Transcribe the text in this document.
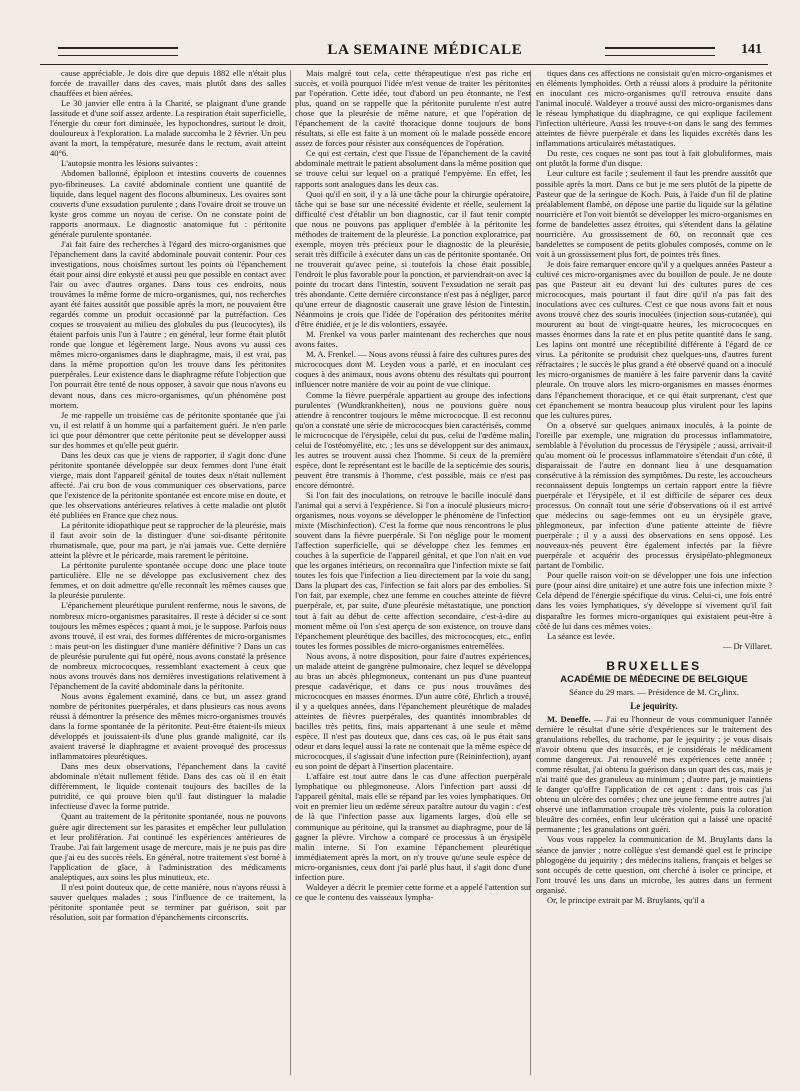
LA SEMAINE MÉDICALE	141

cause appréciable. Je dois dire que depuis 1882 elle n'était plus forcée de travailler dans des caves, mais plutôt dans des salles chauffées et bien aérées.

Le 30 janvier elle entra à la Charité, se plaignant d'une grande lassitude et d'une soif assez ardente. La respiration était superficielle, l'énergie du cœur fort diminuée, les hypochondres, surtout le droit, douloureux à l'exploration. La malade succomba le 2 février. Un peu avant la mort, la température, mesurée dans le rectum, avait atteint 40°6.

L'autopsie montra les lésions suivantes :

Abdomen ballonné, épiploon et intestins couverts de couennes pyo-fibrineuses. La cavité abdominale contient une quantité de liquide, dans lequel nagent des flocons albumineux. Les ovaires sont couverts d'une exsudation purulente ; dans l'ovaire droit se trouve un kyste gros comme un noyau de cerise. On ne constate point de rapports anormaux. Le diagnostic anatomique fut : péritonite générale purulente spontanée.

J'ai fait faire des recherches à l'égard des micro-organismes que l'épanchement dans la cavité abdominale pouvait contenir. Pour ces investigations, nous choisîmes surtout les points où l'épanchement était pour ainsi dire enkysté et aussi peu que possible en contact avec l'air ou avec d'autres organes. Dans tous ces endroits, nous trouvâmes la même forme de micro-organismes, qui, nos recherches ayant été faites aussitôt que possible après la mort, ne pouvaient être regardés comme un produit occasionné par la putréfaction. Ces coques se trouvaient au milieu des globules du pus (leucocytes), ils étaient parfois unis l'un à l'autre ; en général, leur forme était plutôt ronde que longue et légèrement large. Nous avons vu aussi ces mêmes micro-organismes dans le diaphragme, mais, il est vrai, pas dans la même proportion qu'on les trouve dans les péritonites puerpérales. Leur existence dans le diaphragme réfute l'objection que l'on pourrait être tenté de nous opposer, à savoir que nous n'avons eu devant nous, dans ces micro-organismes, qu'un phénomène post mortem.

Je me rappelle un troisième cas de péritonite spontanée que j'ai vu, il est relatif à un homme qui a parfaitement guéri. Je n'en parle ici que pour démontrer que cette péritonite peut se développer aussi sur des hommes et qu'elle peut guérir.

Dans les deux cas que je viens de rapporter, il s'agit donc d'une péritonite spontanée développée sur deux femmes dont l'une était vierge, mais dont l'appareil génital de toutes deux n'était nullement affecté. J'ai cru bon de vous communiquer ces observations, parce que l'existence de la péritonite spontanée est encore mise en doute, et que les observations antérieures relatives à cette maladie ont plutôt été publiées en France que chez nous.

La péritonite idiopathique peut se rapprocher de la pleurésie, mais il faut avoir soin de la distinguer d'une soi-disante péritonite rhumatismale, que, pour ma part, je n'ai jamais vue. Cette dernière atteint la plèvre et le péricarde, mais rarement le péritoine.

La péritonite purulente spontanée occupe donc une place toute particulière. Elle ne se développe pas exclusivement chez des femmes, et on doit admettre qu'elle reconnaît les mêmes causes que la pleurésie purulente.

L'épanchement pleurétique purulent renferme, nous le savons, de nombreux micro-organismes parasitaires. Il reste à décider si ce sont toujours les mêmes espèces ; quant à moi, je le suppose. Parfois nous avons trouvé, il est vrai, des formes différentes de micro-organismes : mais peut-on les distinguer d'une manière définitive ? Dans un cas de pleurésie purulente qui fut opéré, nous avons constaté la présence de nombreux micrococques, ressemblant exactement à ceux que nous avons trouvés dans nos dernières investigations relativement à l'épanchement de la cavité abdominale dans la péritonite.

Nous avons également examiné, dans ce but, un assez grand nombre de péritonites puerpérales, et dans plusieurs cas nous avons réussi à démontrer la présence des mêmes micro-organismes trouvés dans la forme spontanée de la péritonite. Peut-être étaient-ils mieux développés et jouissaient-ils d'une plus grande malignité, car ils avaient traversé le diaphragme et avaient provoqué des processus inflammatoires pleurétiques.

Dans mes deux observations, l'épanchement dans la cavité abdominale n'était nullement fétide. Dans des cas où il en était différemment, le liquide contenait toujours des bacilles de la putridité, ce qui prouve bien qu'il faut distinguer la maladie infectieuse d'avec la forme putride.

Quant au traitement de la péritonite spontanée, nous ne pouvons guère agir directement sur les parasites et empêcher leur pullulation et leur prolifération. J'ai continué les expériences antérieures de Traube. J'ai fait largement usage de mercure, mais je ne puis pas dire que j'ai eu des succès réels. En général, notre traitement s'est borné à l'application de glace, à l'administration des médicaments analeptiques, aux soins les plus minutieux, etc.

Il n'est point douteux que, de cette manière, nous n'ayons réussi à sauver quelques malades ; sous l'influence de ce traitement, la péritonite spontanée peut se terminer par guérison, soit par résolution, soit par formation d'épanchements circonscrits.

Mais malgré tout cela, cette thérapeutique n'est pas riche en succès, et voilà pourquoi l'idée m'est venue de traiter les péritonites par l'opération. Cette idée, tout d'abord un peu étonnante, ne l'est plus, quand on se rappelle que la péritonite purulente n'est autre chose que la pleurésie de même nature, et que l'opération de l'épanchement de la cavité thoracique donne toujours de bons résultats, si elle est faite à un moment où le malade possède encore assez de forces pour résister aux conséquences de l'opération.

Ce qui est certain, c'est que l'issue de l'épanchement de la cavité abdominale mettrait le patient absolument dans la même position que se trouve celui sur lequel on a pratiqué l'empyème. En effet, les rapports sont analogues dans les deux cas.

Quoi qu'il en soit, il y a là une tâche pour la chirurgie opératoire, tâche qui se base sur une nécessité évidente et réelle, seulement la difficulté c'est d'établir un bon diagnostic, car il faut tenir compte que nous ne pouvons pas appliquer d'emblée à la péritonite les méthodes de traitement de la pleurésie. La ponction exploratrice, par exemple, moyen très précieux pour le diagnostic de la pleurésie, serait très difficile à exécuter dans un cas de péritonite spontanée. On ne trouverait qu'avec peine, si toutefois la chose était possible, l'endroit le plus favorable pour la ponction, et parviendrait-on avec la pointe du trocart dans l'intestin, souvent l'exsudation ne serait pas très abondante. Cette dernière circonstance n'est pas à négliger, parce qu'une erreur de diagnostic causerait une grave lésion de l'intestin. Néanmoins je crois que l'idée de l'opération des péritonites mérite d'être étudiée, et je le dis volontiers, essayée.

M. Frenkel va vous parler maintenant des recherches que nous avons faites.

M. A. Frenkel. — Nous avons réussi à faire des cultures pures des micrococques dont M. Leyden vous a parlé, et en inoculant ces coques à des animaux, nous avons obtenu des résultats qui pourront influencer notre manière de voir au point de vue clinique.

Comme la fièvre puerpérale appartient au groupe des infections purulentes (Wundkrankheiten), nous ne pouvions guère nous attendre à rencontrer toujours le même micrococque. Il est reconnu qu'on a constaté une série de micrococques bien caractérisés, comme le micrococque de l'érysipèle, celui du pus, celui de l'œdème malin, celui de l'ostéomyélite, etc. ; les uns se développent sur des animaux, les autres se trouvent aussi chez l'homme. Si ceux de la première espèce, dont le représentant est le bacille de la septicémie des souris, peuvent être transmis à l'homme, c'est possible, mais ce n'est pas encore démontré.

Si l'on fait des inoculations, on retrouve le bacille inoculé dans l'animal qui a servi à l'expérience. Si l'on a inoculé plusieurs micro-organismes, nous voyons se développer le phénomène de l'infection mixte (Mischinfection). C'est la forme que nous rencontrons le plus souvent dans la fièvre puerpérale. Si l'on néglige pour le moment l'affection superficielle, qui se développe chez les femmes en couches à la superficie de l'appareil génital, et que l'on n'ait en vue que les organes intérieurs, on reconnaîtra que l'infection mixte se fait toutes les fois que l'infection a lieu directement par la voie du sang. Dans la plupart des cas, l'infection se fait alors par des embolies. Si l'on fait, par exemple, chez une femme en couches atteinte de fièvre puerpérale, et, par suite, d'une pleurésie métastatique, une ponction tout à fait au début de cette affection secondaire, c'est-à-dire au moment même où l'on s'est aperçu de son existence, on trouve dans l'épanchement pleurétique des bacilles, des micrococques, etc., enfin toutes les formes possibles de micro-organismes entremêlées.

Nous avons, à notre disposition, pour faire d'autres expériences, un malade atteint de gangrène pulmonaire, chez lequel se développa au bras un abcès phlegmoneux, contenant un pus d'une puanteur presque cadavérique, et dans ce pus nous trouvâmes des micrococques en masses énormes. D'un autre côté, Ehrlich a trouvé, il y a quelques années, dans l'épanchement pleurétique de malades atteintes de fièvres puerpérales, des quantités innombrables de bacilles très petits, fins, mais appartenant à une seule et même espèce. Il n'est pas douteux que, dans ces cas, où le pus était sans odeur et dans lequel aussi la rate ne contenait que la même espèce de micrococques, il s'agissait d'une infection pure (Reininfection), ayant eu son point de départ à l'insertion placentaire.

L'affaire est tout autre dans le cas d'une affection puerpérale lymphatique ou phlegmoneuse. Alors l'infection part aussi de l'appareil génital, mais elle se répand par les voies lymphatiques. On voit en premier lieu un œdème séreux paraître autour du vagin : c'est de là que l'infection passe aux ligaments larges, d'où elle se communique au péritoine, qui la transmet au diaphragme, pour de là gagner la plèvre. Virchow a comparé ce processus à un érysipèle malin interne. Si l'on examine l'épanchement pleurétique immédiatement après la mort, on n'y trouve qu'une seule espèce de micro-organismes, ceux dont j'ai parlé plus haut, il s'agit donc d'une infection pure.

Waldeyer a décrit le premier cette forme et a appelé l'attention sur ce que le contenu des vaisseaux lympha-

tiques dans ces affections ne consistait qu'en micro-organismes et en éléments lymphoïdes. Orth a réussi alors à produire la péritonite en inoculant ces micro-organismes qu'il retrouva ensuite dans l'animal inoculé. Waldeyer a trouvé aussi des micro-organismes dans le réseau lymphatique du diaphragme, ce qui explique facilement l'infection ultérieure. Aussi les trouve-t-on dans le sang des femmes atteintes de fièvre puerpérale et dans les liquides excrétés dans les inflammations articulaires métastatiques.

Du reste, ces coques ne sont pas tout à fait globuliformes, mais ont plutôt la forme d'un disque.

Leur culture est facile ; seulement il faut les prendre aussitôt que possible après la mort. Dans ce but je me sers plutôt de la pipette de Pasteur que de la seringue de Koch. Puis, à l'aide d'un fil de platine préalablement flambé, on dépose une partie du liquide sur la gélatine nourricière et l'on voit bientôt se développer les micro-organismes en forme de bandelettes assez étroites, qui s'étendent dans la gélatine nourricière. Au grossissement de 60, on reconnaît que ces bandelettes se composent de petits globules composés, comme on le voit à un grossissement plus fort, de pointes très fines.

Je dois faire remarquer encore qu'il y a quelques années Pasteur a cultivé ces micro-organismes avec du bouillon de poule. Je ne doute pas que Pasteur ait eu devant lui des cultures pures de ces micrococques, mais pourtant il faut dire qu'il n'a pas fait des inoculations avec ces cultures. C'est ce que nous avons fait et nous avons trouvé chez des souris inoculées (injection sous-cutanée), qui moururent au bout de vingt-quatre heures, les micrococques en masses énormes dans la rate et en plus petite quantité dans le sang. Les lapins ont montré une réceptibilité différente à l'égard de ce virus. La péritonite se produisit chez quelques-uns, d'autres furent réfractaires ; le succès le plus grand a été observé quand on a inoculé les micro-organismes de manière à les faire parvenir dans la cavité pleurale. On trouve alors les micro-organismes en masses énormes dans l'épanchement thoracique, et ce qui était surprenant, c'est que cet épanchement se montra beaucoup plus virulent pour les lapins que les cultures pures.

On a observé sur quelques animaux inoculés, à la pointe de l'oreille par exemple, une migration du processus inflammatoire, semblable à l'évolution du processus de l'érysipèle ; aussi, arrivait-il qu'au moment où le processus inflammatoire s'étendait d'un côté, il disparaissait de l'autre en donnant lieu à une desquamation consécutive à la rémission des symptômes. Du reste, les accoucheurs reconnaissent depuis longtemps un certain rapport entre la fièvre puerpérale et l'érysipèle, et il est difficile de séparer ces deux processus. On connaît tout une série d'observations où il est arrivé que médecins ou sage-femmes ont eu un érysipèle grave, phlegmoneux, par infection d'une patiente atteinte de fièvre puerpérale ; il y a aussi des observations en sens opposé. Les nouveaux-nés peuvent être également infectés par la fièvre puerpérale et acquérir des processus érysipélato-phlegmoneux partant de l'ombilic.

Pour quelle raison voit-on se développer une fois une infection pure (pour ainsi dire unitaire) et une autre fois une infection mixte ? Cela dépend de l'énergie spécifique du virus. Celui-ci, une fois entré dans les voies lymphatiques, s'y développe si vivement qu'il fait disparaître les formes micro-organiques qui existaient peut-être à côté de lui dans ces mêmes voies.

La séance est levée.

— Dr Villaret.
BRUXELLES
ACADÉMIE DE MÉDECINE DE BELGIQUE
Séance du 29 mars. — Présidence de M. Crانinx.
Le jequirity.

M. Deneffe. — J'ai eu l'honneur de vous communiquer l'année dernière le résultat d'une série d'expériences sur le traitement des granulations rebelles, du trachome, par le jequirity ; je vous disais n'avoir obtenu que des insuccès, et je considérais le médicament comme dangereux. J'ai renouvelé mes expériences cette année ; comme résultat, j'ai obtenu la guérison dans un quart des cas, mais je n'ai traité que des granuleux au minimum ; d'autre part, je maintiens le danger qu'offre l'application de cet agent : dans trois cas j'ai obtenu un ulcère des cornées ; chez une jeune femme entre autres j'ai observé une inflammation croupale très violente, puis la coloration bleuâtre des cornées, enfin leur ulcération qui a laissé une opacité permanente ; les granulations ont guéri.

Vous vous rappelez la communication de M. Bruylants dans la séance de janvier ; notre collègue s'est demandé quel est le principe phlogogène du jequirity ; des médecins italiens, français et belges se sont occupés de cette question, ont cherché à isoler ce principe, et l'ont trouvé les uns dans un microbe, les autres dans un ferment organisé.

Or, le principe extrait par M. Bruylants, qu'il a
